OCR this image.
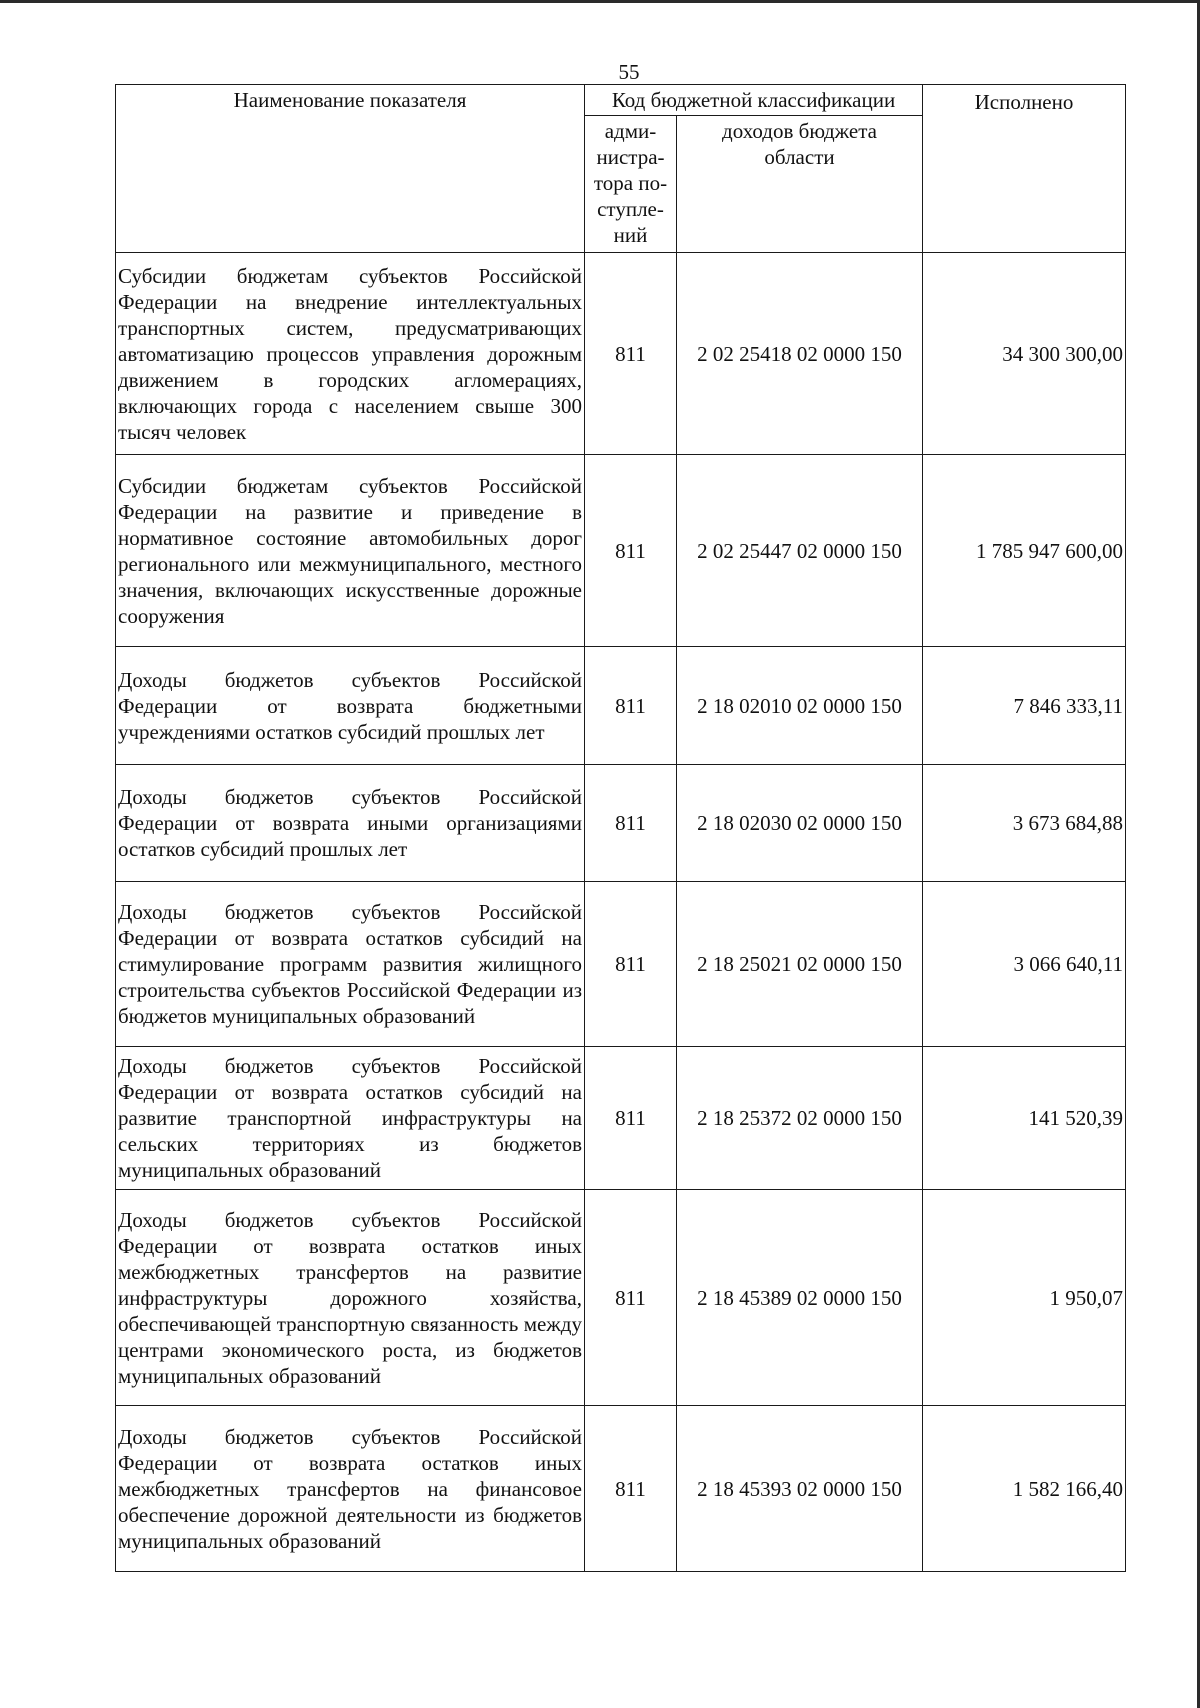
55
Наименование показателя	Код бюджетной классификации		Исполнено
	адми-
нистра-
тора по-
ступле-
ний	доходов бюджета
области	
Субсидии бюджетам субъектов Российской Федерации на внедрение интеллектуальных транспортных систем, предусматривающих автоматизацию процессов управления дорожным движением в городских агломерациях, включающих города с населением свыше 300 тысяч человек	811	2 02 25418 02 0000 150	34 300 300,00
Субсидии бюджетам субъектов Российской Федерации на развитие и приведение в нормативное состояние автомобильных дорог регионального или межмуниципального, местного значения, включающих искусственные дорожные сооружения	811	2 02 25447 02 0000 150	1 785 947 600,00
Доходы бюджетов субъектов Российской Федерации от возврата бюджетными учреждениями остатков субсидий прошлых лет	811	2 18 02010 02 0000 150	7 846 333,11
Доходы бюджетов субъектов Российской Федерации от возврата иными организациями остатков субсидий прошлых лет	811	2 18 02030 02 0000 150	3 673 684,88
Доходы бюджетов субъектов Российской Федерации от возврата остатков субсидий на стимулирование программ развития жилищного строительства субъектов Российской Федерации из бюджетов муниципальных образований	811	2 18 25021 02 0000 150	3 066 640,11
Доходы бюджетов субъектов Российской Федерации от возврата остатков субсидий на развитие транспортной инфраструктуры на сельских территориях из бюджетов муниципальных образований	811	2 18 25372 02 0000 150	141 520,39
Доходы бюджетов субъектов Российской Федерации от возврата остатков иных межбюджетных трансфертов на развитие инфраструктуры дорожного хозяйства, обеспечивающей транспортную связанность между центрами экономического роста, из бюджетов муниципальных образований	811	2 18 45389 02 0000 150	1 950,07
Доходы бюджетов субъектов Российской Федерации от возврата остатков иных межбюджетных трансфертов на финансовое обеспечение дорожной деятельности из бюджетов муниципальных образований	811	2 18 45393 02 0000 150	1 582 166,40
